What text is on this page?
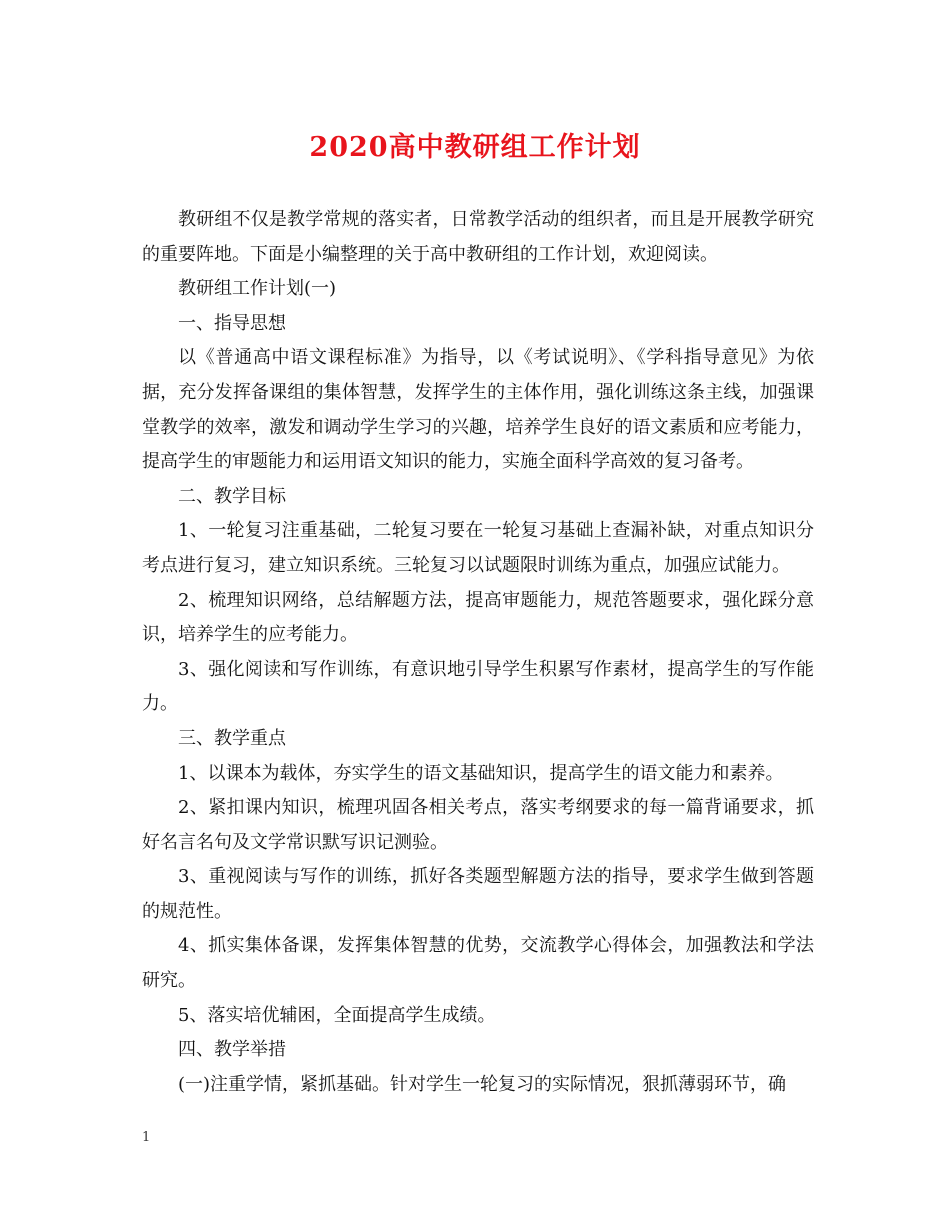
2020高中教研组工作计划

教研组不仅是教学常规的落实者，日常教学活动的组织者，而且是开展教学研究的重要阵地。下面是小编整理的关于高中教研组的工作计划，欢迎阅读。

教研组工作计划(一)

一、指导思想

以《普通高中语文课程标准》为指导，以《考试说明》、《学科指导意见》为依据，充分发挥备课组的集体智慧，发挥学生的主体作用，强化训练这条主线，加强课堂教学的效率，激发和调动学生学习的兴趣，培养学生良好的语文素质和应考能力，提高学生的审题能力和运用语文知识的能力，实施全面科学高效的复习备考。

二、教学目标

1、一轮复习注重基础，二轮复习要在一轮复习基础上查漏补缺，对重点知识分考点进行复习，建立知识系统。三轮复习以试题限时训练为重点，加强应试能力。

2、梳理知识网络，总结解题方法，提高审题能力，规范答题要求，强化踩分意识，培养学生的应考能力。

3、强化阅读和写作训练，有意识地引导学生积累写作素材，提高学生的写作能力。

三、教学重点

1、以课本为载体，夯实学生的语文基础知识，提高学生的语文能力和素养。

2、紧扣课内知识，梳理巩固各相关考点，落实考纲要求的每一篇背诵要求，抓好名言名句及文学常识默写识记测验。

3、重视阅读与写作的训练，抓好各类题型解题方法的指导，要求学生做到答题的规范性。

4、抓实集体备课，发挥集体智慧的优势，交流教学心得体会，加强教法和学法研究。

5、落实培优辅困，全面提高学生成绩。

四、教学举措

(一)注重学情，紧抓基础。针对学生一轮复习的实际情况，狠抓薄弱环节，确

1
